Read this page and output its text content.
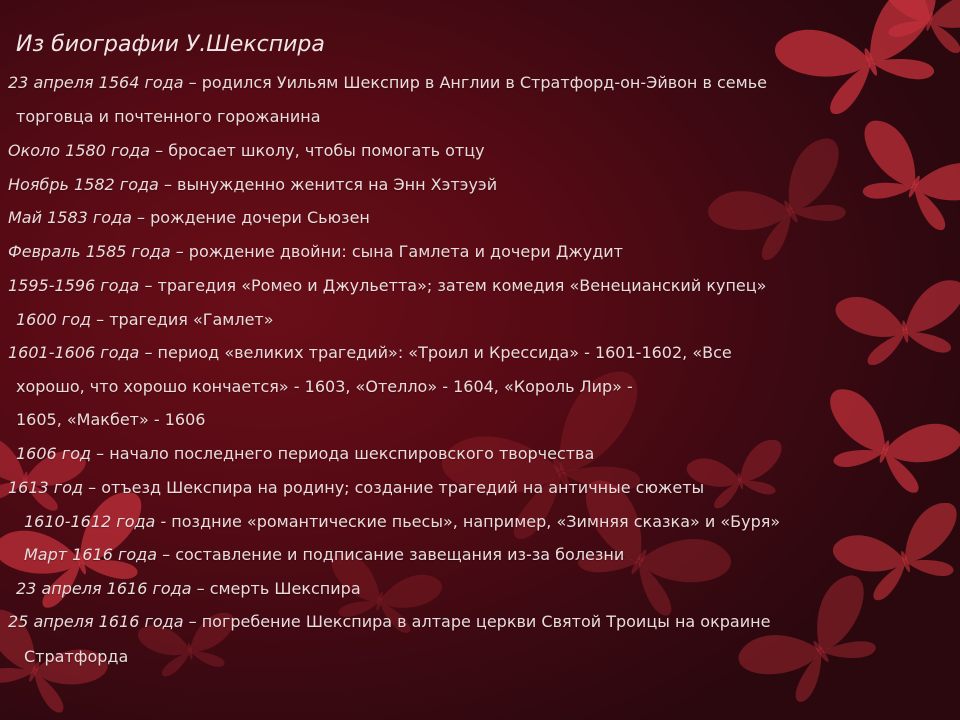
Из биографии У.Шекспира
23 апреля 1564 года – родился Уильям Шекспир в Англии в Стратфорд-он-Эйвон в семье
торговца и почтенного горожанина
Около 1580 года – бросает школу, чтобы помогать отцу
Ноябрь 1582 года – вынужденно женится на Энн Хэтэуэй
Май 1583 года – рождение дочери Сьюзен
Февраль 1585 года – рождение двойни: сына Гамлета и дочери Джудит
1595-1596 года – трагедия «Ромео и Джульетта»; затем комедия «Венецианский купец»
1600 год – трагедия «Гамлет»
1601-1606 года – период «великих трагедий»: «Троил и Крессида» - 1601-1602, «Все
хорошо, что хорошо кончается» - 1603, «Отелло» - 1604, «Король Лир» -
1605, «Макбет» - 1606
1606 год – начало последнего периода шекспировского творчества
1613 год – отъезд Шекспира на родину; создание трагедий на античные сюжеты
1610-1612 года - поздние «романтические пьесы», например, «Зимняя сказка» и «Буря»
Март 1616 года – составление и подписание завещания из-за болезни
23 апреля 1616 года – смерть Шекспира
25 апреля 1616 года – погребение Шекспира в алтаре церкви Святой Троицы на окраине
Стратфорда
